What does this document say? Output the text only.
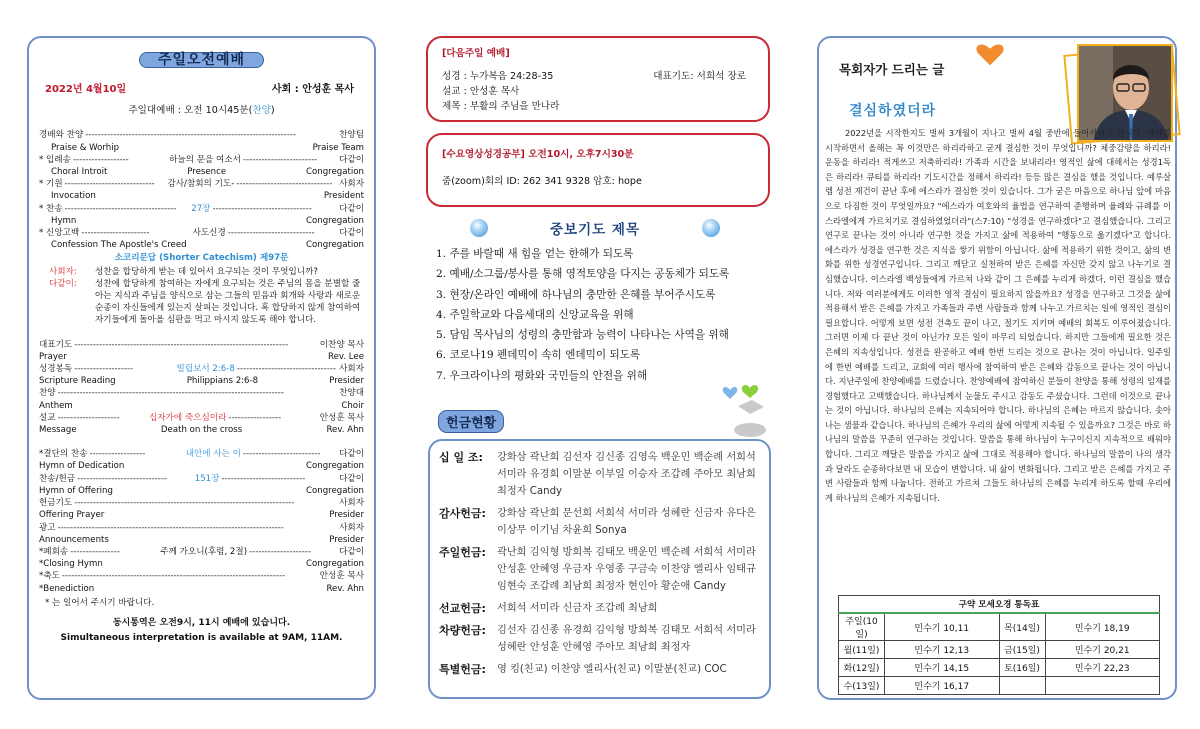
주일오전예배
2022년 4월10일	사회 : 안성훈 목사
주일대예배 : 오전 10시45분(찬양)
경배와 찬양 --------------------------------------------------------------------	찬양팀
Praise & Worhip	Praise Team
* 입례송 ------------------	하늘의 문을 여소서 ------------------------	다같이
Choral Introit	Presence	Congregation
* 기원 -----------------------------	감사/참회의 기도- ------------------------------- 사회자
Invocation	President
* 찬송 ------------------------------------	27장 --------------------------------	다같이
Hymn	Congregation
* 신앙고백 ----------------------	사도신경 ----------------------------	다같이
Confession The Apostle's Creed	Congregation
소코리문답 (Shorter Catechism) 제97문
사회자:	성찬을 합당하게 받는 데 있어서 요구되는 것이 무엇입니까?
다같이:	성찬에 합당하게 참여하는 자에게 요구되는 것은 주님의 몸을 분별할 줄 아는 지식과 주님을 양식으로 삼는 그들의 믿음과 회개와 사랑과 새로운 순종이 자신들에게 있는지 살피는 것입니다. 혹 합당하지 않게 참여하여 자기들에게 돌아올 심판을 먹고 마시지 않도록 해야 합니다.
대표기도 ---------------------------------------------------------------------	이찬양 목사
Prayer	Rev. Lee
성경봉독 -------------------	빌립보서 2:6-8 -------------------------------- 사회자
Scripture Reading	Philippians 2:6-8	Presider
찬양 -------------------------------------------------------------------------	찬양대
Anthem	Choir
설교 --------------------	십자가에 죽으심이라 -----------------	안성훈 목사
Message	Death on the cross	Rev. Ahn
*결단의 찬송 ------------------	내안에 사는 이 -------------------------	다같이
Hymn of Dedication	Congregation
찬송/헌금 -----------------------------	151장 ---------------------------	다같이
Hymn of Offering	Congregation
헌금기도 -----------------------------------------------------------------------	사회자
Offering Prayer	Presider
광고 -------------------------------------------------------------------------	사회자
Announcements	Presider
*폐회송 ----------------	주께 가오니(후렴, 2절) --------------------	다같이
*Closing Hymn	Congregation
*축도 ------------------------------------------------------------------------	안성훈 목사
*Benediction	Rev. Ahn
* 는 일어서 주시기 바랍니다.
동시통역은 오전9시, 11시 예배에 있습니다.
Simultaneous interpretation is available at 9AM, 11AM.
[다음주일 예배]
성경 : 누가복음 24:28-35	대표기도: 서희석 장로
설교 : 안성훈 목사
제목 : 부활의 주님을 만나라
[수요영상성경공부] 오전10시, 오후7시30분
줌(zoom)회의 ID: 262 341 9328 암호: hope
중보기도 제목
1. 주를 바랄때 새 힘을 얻는 한해가 되도록
2. 예배/소그룹/봉사를 통해 영적토양을 다지는 공동체가 되도록
3. 현장/온라인 예배에 하나님의 충만한 은혜를 부어주시도록
4. 주일학교와 다음세대의 신앙교육을 위해
5. 담임 목사님의 성령의 충만함과 능력이 나타나는 사역을 위해
6. 코로나19 펜데믹이 속히 엔데믹이 되도록
7. 우크라이나의 평화와 국민들의 안전을 위해
헌금현황
십 일 조:	강화삼 곽난희 김선자 김신종 김영옥 백운민 백순례 서희석 서미라 유경희 이말분 이부일 이승자 조갑례 주아모 최남희 최정자 Candy
감사헌금:	강화삼 곽난희 문선희 서희석 서미라 성혜란 신금자 유다은 이상무 이기님 차윤희 Sonya
주일헌금:	곽난희 김익형 방희복 김태모 백운민 백순례 서희석 서미라 안성훈 안혜영 우금자 우영종 구금숙 이찬양 엘리사 임태규 임현숙 조갑례 최남희 최정자 현인아 황순애 Candy
선교헌금:	서희석 서미라 신금자 조갑례 최남희
차량헌금:	김선자 김신종 유경희 김익형 방희복 김태모 서희석 서미라 성혜란 안성훈 안혜영 주아모 최남희 최정자
특별헌금:	영 킹(친교) 이찬양 엘리사(친교) 이말분(친교) COC
목회자가 드리는 글
결심하였더라
2022년을 시작한지도 벌써 3개월이 지나고 벌써 4월 중반에 들어서려고 합니다. 새해를 시작하면서 올해는 꼭 이것만은 하리라하고 굳게 결심한 것이 무엇입니까? 체중감량을 하리라! 운동을 하리라! 적게쓰고 저축하리라! 가족과 시간을 보내리라! 영적인 삶에 대해서는 성경1독은 하리라! 큐티를 하리라! 기도시간을 정해서 하리라! 등등 많은 결심을 했을 것입니다. 예루살렘 성전 재건이 끝난 후에 에스라가 결심한 것이 있습니다. 그가 굳은 마음으로 하나님 앞에 마음으로 다짐한 것이 무엇일까요? "에스라가 여호와의 율법을 연구하여 준행하며 율례와 규례를 이스라엘에게 가르치기로 결심하였었더라"(스7:10) "성경을 연구하겠다"고 결심했습니다. 그리고 연구로 끝나는 것이 아니라 연구한 것을 가지고 삶에 적용하여 "행동으로 옮기겠다"고 합니다. 에스라가 성경을 연구한 것은 지식을 쌓기 위함이 아닙니다. 삶에 적용하기 위한 것이고, 삶의 변화를 위한 성경연구입니다. 그리고 깨닫고 실천하여 받은 은혜를 자신만 갖지 않고 나누기로 결심했습니다. 이스라엘 백성들에게 가르쳐 나와 같이 그 은혜를 누리게 하겠다, 이런 결심을 했습니다. 저와 여러분에게도 이러한 영적 결심이 필요하지 않을까요? 성경을 연구하고 그것을 삶에 적용해서 받은 은혜를 가지고 가족들과 주변 사람들과 함께 나누고 가르치는 일에 영적인 결심이 필요합니다. 어떻게 보면 성전 건축도 끝이 나고, 절기도 지키며 예배의 회복도 이루어졌습니다. 그러면 이제 다 끝난 것이 아닌가? 모든 일이 마무리 되었습니다. 하지만 그들에게 필요한 것은 은혜의 지속성입니다. 성전을 완공하고 예배 한번 드리는 것으로 끝나는 것이 아닙니다. 일주일에 한번 예배를 드리고, 교회에 여러 행사에 참여하여 받은 은혜와 감동으로 끝나는 것이 아닙니다. 지난주일에 찬양예배를 드렸습니다. 찬양예배에 참여하신 분들이 찬양을 통해 성령의 임재를 경험했다고 고백했습니다. 하나님께서 눈물도 주시고 감동도 주셨습니다. 그런데 이것으로 끝나는 것이 아닙니다. 하나님의 은혜는 지속되어야 합니다. 하나님의 은혜는 마르지 않습니다. 솟아나는 샘물과 같습니다. 하나님의 은혜가 우리의 삶에 어떻게 지속될 수 있을까요? 그것은 바로 하나님의 말씀을 꾸준히 연구하는 것입니다. 말씀을 통해 하나님이 누구이신지 지속적으로 배워야 합니다. 그리고 깨달은 말씀을 가지고 삶에 그대로 적용해야 합니다. 하나님의 말씀이 나의 생각과 달라도 순종하다보면 내 모습이 변합니다. 내 삶이 변화됩니다. 그리고 받은 은혜를 가지고 주변 사람들과 함께 나눕니다. 전하고 가르쳐 그들도 하나님의 은혜를 누리게 하도록 할때 우리에게 하나님의 은혜가 지속됩니다.
구약 모세오경 통독표			
주일(10일)	민수기 10,11	목(14일)	민수기 18,19
월(11일)	민수기 12,13	금(15일)	민수기 20,21
화(12일)	민수기 14,15	토(16일)	민수기 22,23
수(13일)	민수기 16,17		
